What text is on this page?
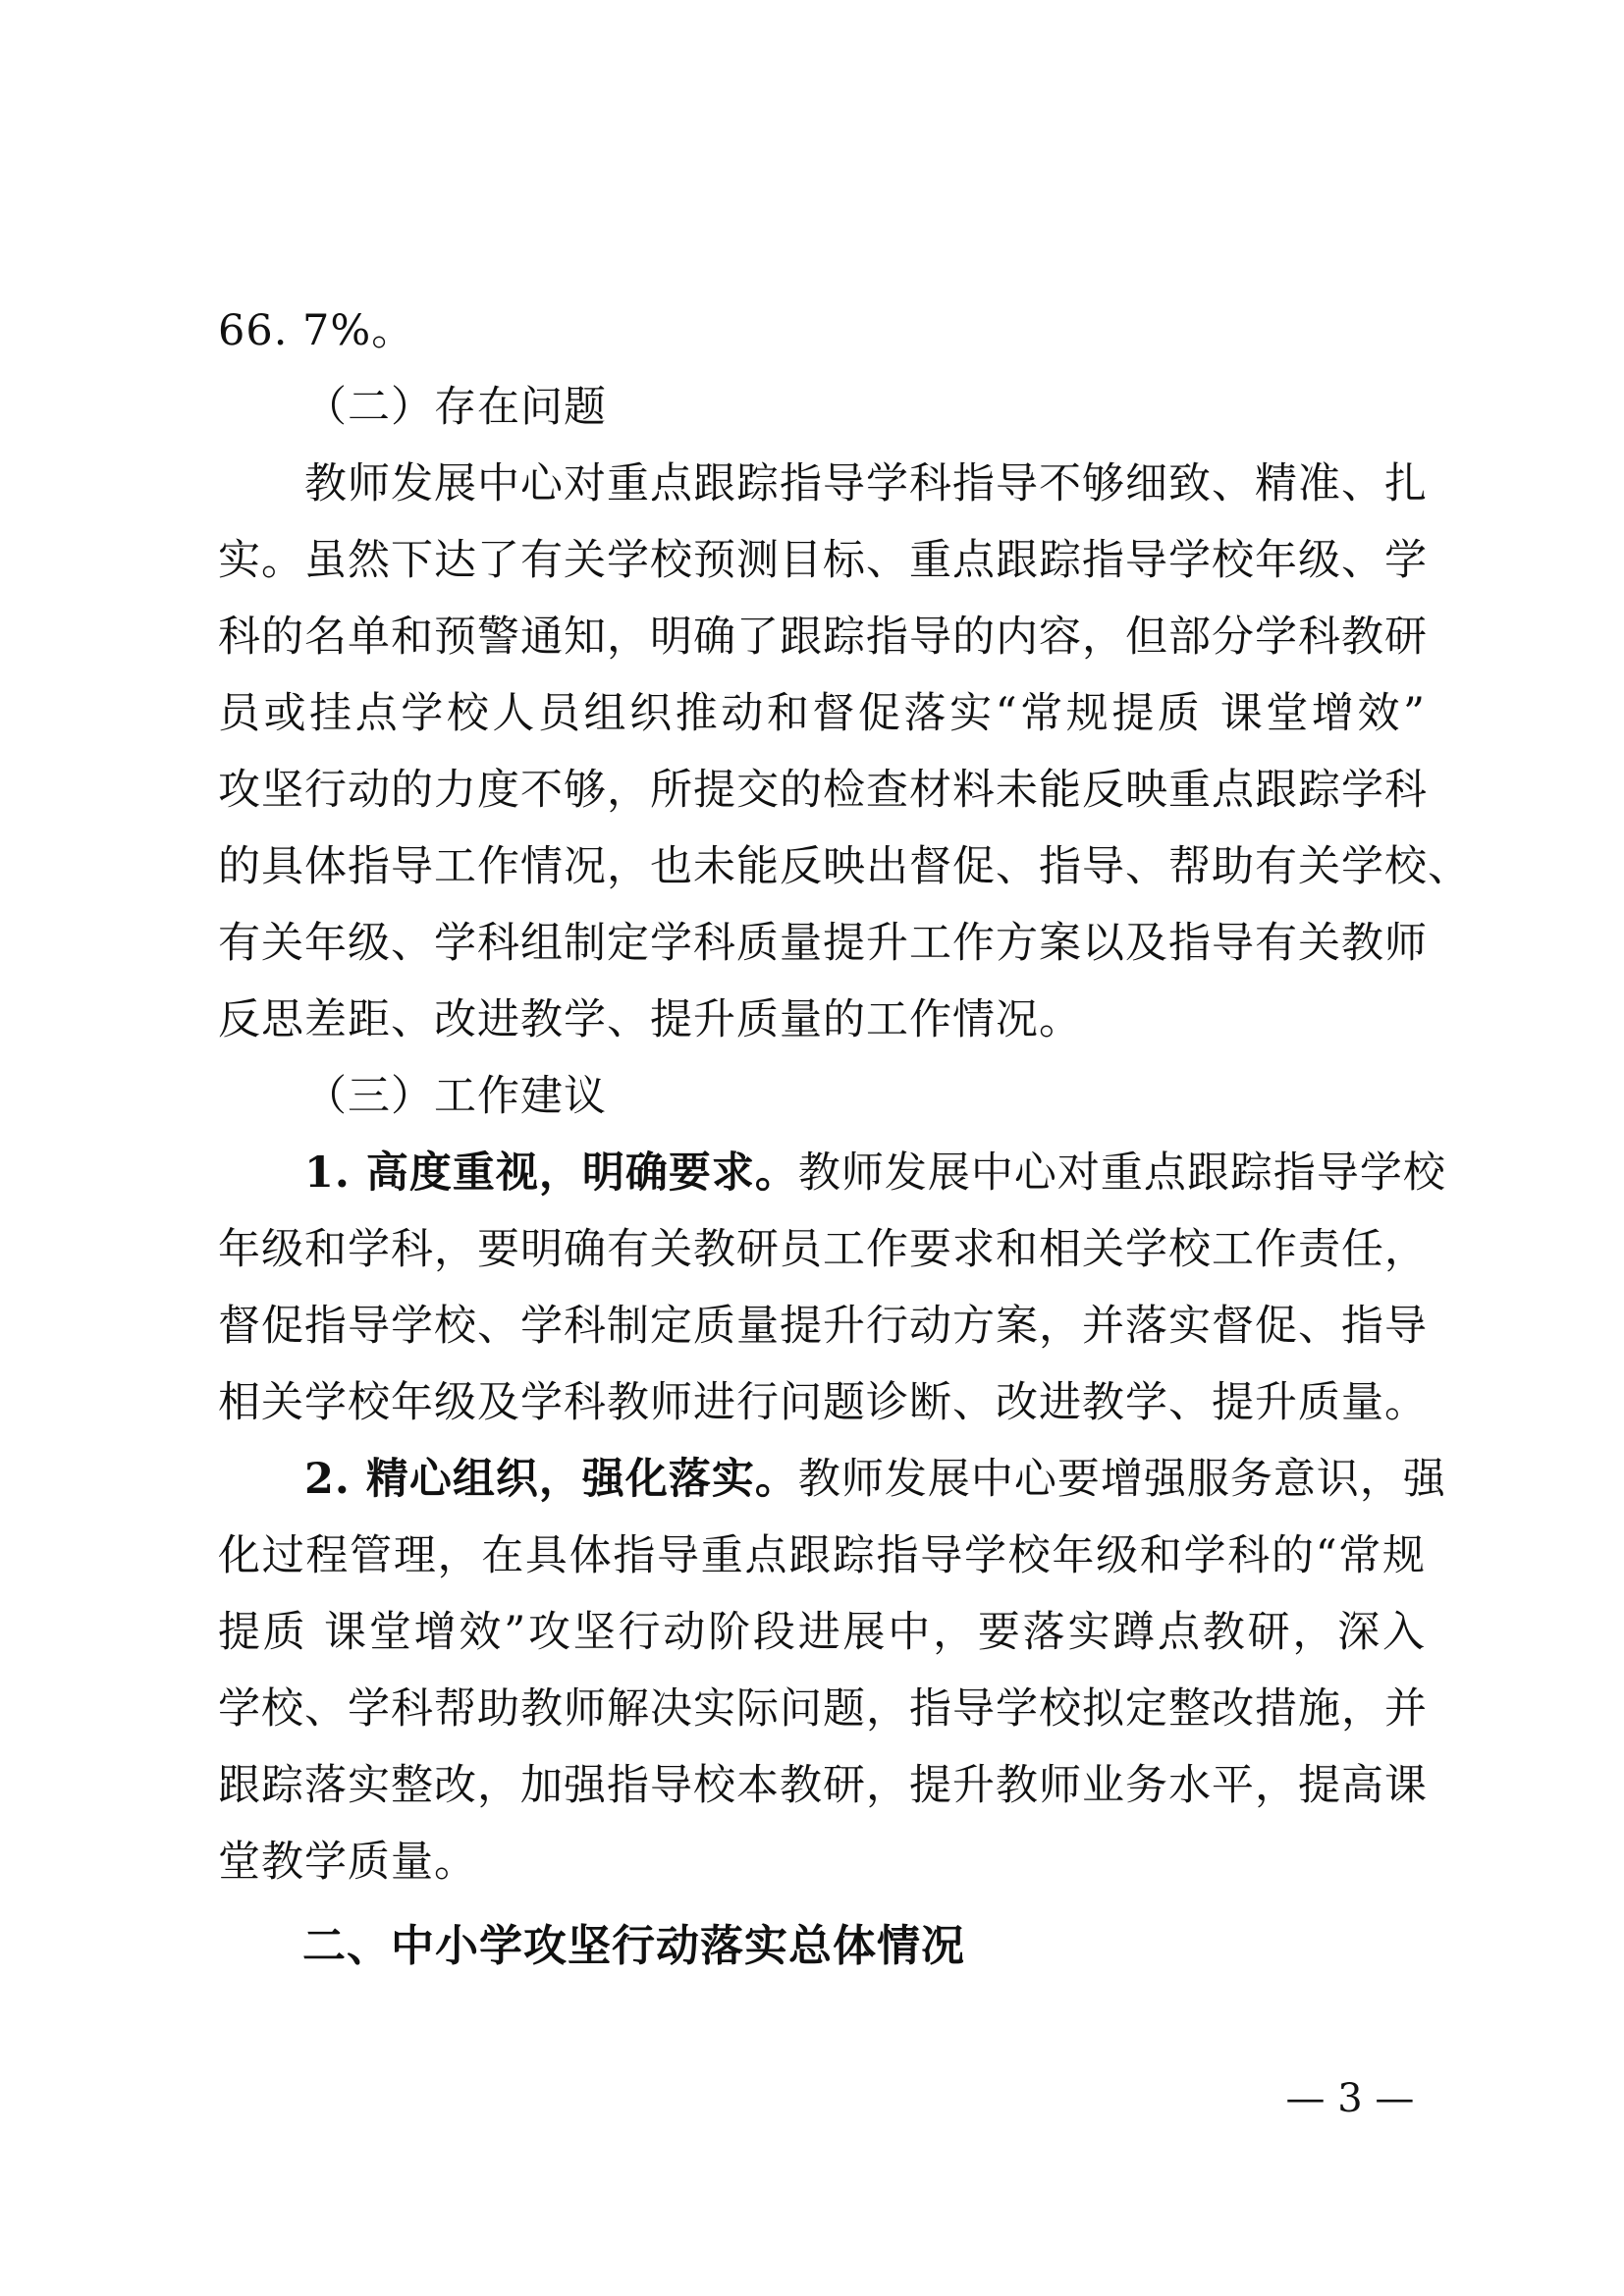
66. 7%。
（二）存在问题
教师发展中心对重点跟踪指导学科指导不够细致、精准、扎
实。虽然下达了有关学校预测目标、重点跟踪指导学校年级、学
科的名单和预警通知，明确了跟踪指导的内容，但部分学科教研
员或挂点学校人员组织推动和督促落实“常规提质 课堂增效”
攻坚行动的力度不够，所提交的检查材料未能反映重点跟踪学科
的具体指导工作情况，也未能反映出督促、指导、帮助有关学校、
有关年级、学科组制定学科质量提升工作方案以及指导有关教师
反思差距、改进教学、提升质量的工作情况。
（三）工作建议
1. 高度重视，明确要求。教师发展中心对重点跟踪指导学校
年级和学科，要明确有关教研员工作要求和相关学校工作责任，
督促指导学校、学科制定质量提升行动方案，并落实督促、指导
相关学校年级及学科教师进行问题诊断、改进教学、提升质量。
2. 精心组织，强化落实。教师发展中心要增强服务意识，强
化过程管理，在具体指导重点跟踪指导学校年级和学科的“常规
提质 课堂增效”攻坚行动阶段进展中，要落实蹲点教研，深入
学校、学科帮助教师解决实际问题，指导学校拟定整改措施，并
跟踪落实整改，加强指导校本教研，提升教师业务水平，提高课
堂教学质量。
二、中小学攻坚行动落实总体情况
— 3 —
